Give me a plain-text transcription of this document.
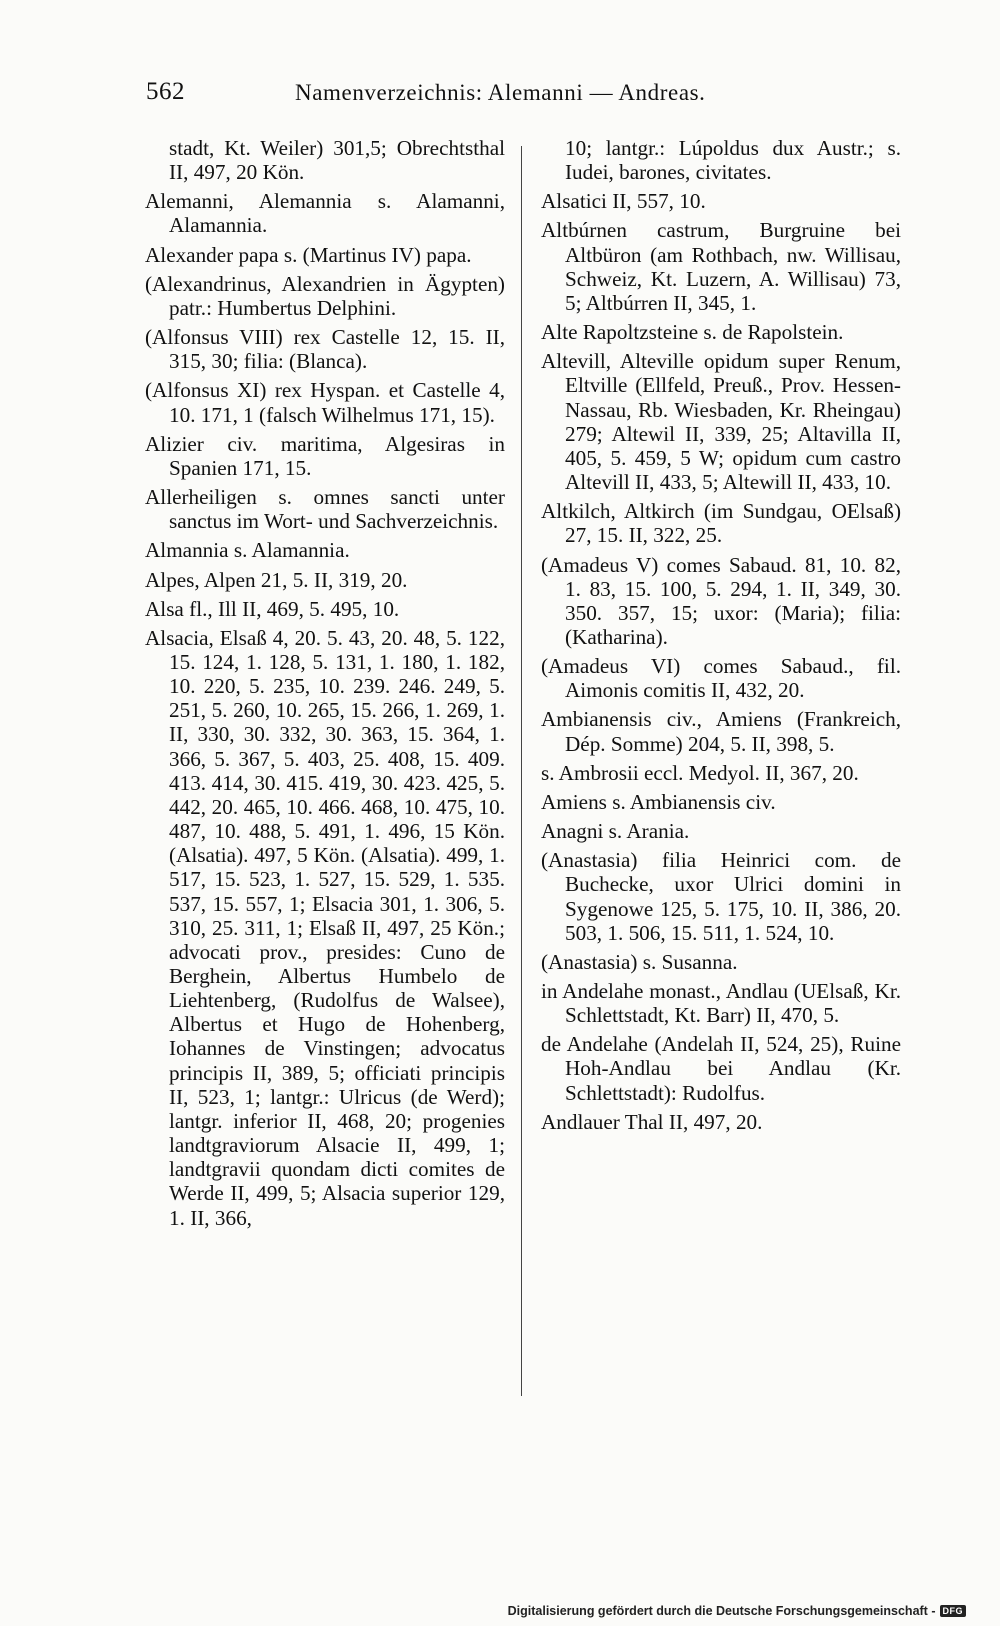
562	Namenverzeichnis: Alemanni — Andreas.
stadt, Kt. Weiler) 301,5; Obrechtsthal II, 497, 20 Kön.
Alemanni, Alemannia s. Alamanni, Alamannia.
Alexander papa s. (Martinus IV) papa.
(Alexandrinus, Alexandrien in Ägypten) patr.: Humbertus Delphini.
(Alfonsus VIII) rex Castelle 12, 15. II, 315, 30; filia: (Blanca).
(Alfonsus XI) rex Hyspan. et Castelle 4, 10. 171, 1 (falsch Wilhelmus 171, 15).
Alizier civ. maritima, Algesiras in Spanien 171, 15.
Allerheiligen s. omnes sancti unter sanctus im Wort- und Sachverzeichnis.
Almannia s. Alamannia.
Alpes, Alpen 21, 5. II, 319, 20.
Alsa fl., Ill II, 469, 5. 495, 10.
Alsacia, Elsaß 4, 20. 5. 43, 20. 48, 5. 122, 15. 124, 1. 128, 5. 131, 1. 180, 1. 182, 10. 220, 5. 235, 10. 239. 246. 249, 5. 251, 5. 260, 10. 265, 15. 266, 1. 269, 1. II, 330, 30. 332, 30. 363, 15. 364, 1. 366, 5. 367, 5. 403, 25. 408, 15. 409. 413. 414, 30. 415. 419, 30. 423. 425, 5. 442, 20. 465, 10. 466. 468, 10. 475, 10. 487, 10. 488, 5. 491, 1. 496, 15 Kön. (Alsatia). 497, 5 Kön. (Alsatia). 499, 1. 517, 15. 523, 1. 527, 15. 529, 1. 535. 537, 15. 557, 1; Elsacia 301, 1. 306, 5. 310, 25. 311, 1; Elsaß II, 497, 25 Kön.; advocati prov., presides: Cuno de Berghein, Albertus Humbelo de Liehtenberg, (Rudolfus de Walsee), Albertus et Hugo de Hohenberg, Iohannes de Vinstingen; advocatus principis II, 389, 5; officiati principis II, 523, 1; lantgr.: Ulricus (de Werd); lantgr. inferior II, 468, 20; progenies landtgraviorum Alsacie II, 499, 1; landtgravii quondam dicti comites de Werde II, 499, 5; Alsacia superior 129, 1. II, 366,
10; lantgr.: Lúpoldus dux Austr.; s. Iudei, barones, civitates.
Alsatici II, 557, 10.
Altbúrnen castrum, Burgruine bei Altbüron (am Rothbach, nw. Willisau, Schweiz, Kt. Luzern, A. Willisau) 73, 5; Altbúrren II, 345, 1.
Alte Rapoltzsteine s. de Rapolstein.
Altevill, Alteville opidum super Renum, Eltville (Ellfeld, Preuß., Prov. Hessen-Nassau, Rb. Wiesbaden, Kr. Rheingau) 279; Altewil II, 339, 25; Altavilla II, 405, 5. 459, 5 W; opidum cum castro Altevill II, 433, 5; Altewill II, 433, 10.
Altkilch, Altkirch (im Sundgau, OElsaß) 27, 15. II, 322, 25.
(Amadeus V) comes Sabaud. 81, 10. 82, 1. 83, 15. 100, 5. 294, 1. II, 349, 30. 350. 357, 15; uxor: (Maria); filia: (Katharina).
(Amadeus VI) comes Sabaud., fil. Aimonis comitis II, 432, 20.
Ambianensis civ., Amiens (Frankreich, Dép. Somme) 204, 5. II, 398, 5.
s. Ambrosii eccl. Medyol. II, 367, 20.
Amiens s. Ambianensis civ.
Anagni s. Arania.
(Anastasia) filia Heinrici com. de Buchecke, uxor Ulrici domini in Sygenowe 125, 5. 175, 10. II, 386, 20. 503, 1. 506, 15. 511, 1. 524, 10.
(Anastasia) s. Susanna.
in Andelahe monast., Andlau (UElsaß, Kr. Schlettstadt, Kt. Barr) II, 470, 5.
de Andelahe (Andelah II, 524, 25), Ruine Hoh-Andlau bei Andlau (Kr. Schlettstadt): Rudolfus.
Andlauer Thal II, 497, 20.
Digitalisierung gefördert durch die Deutsche Forschungsgemeinschaft - DFG
